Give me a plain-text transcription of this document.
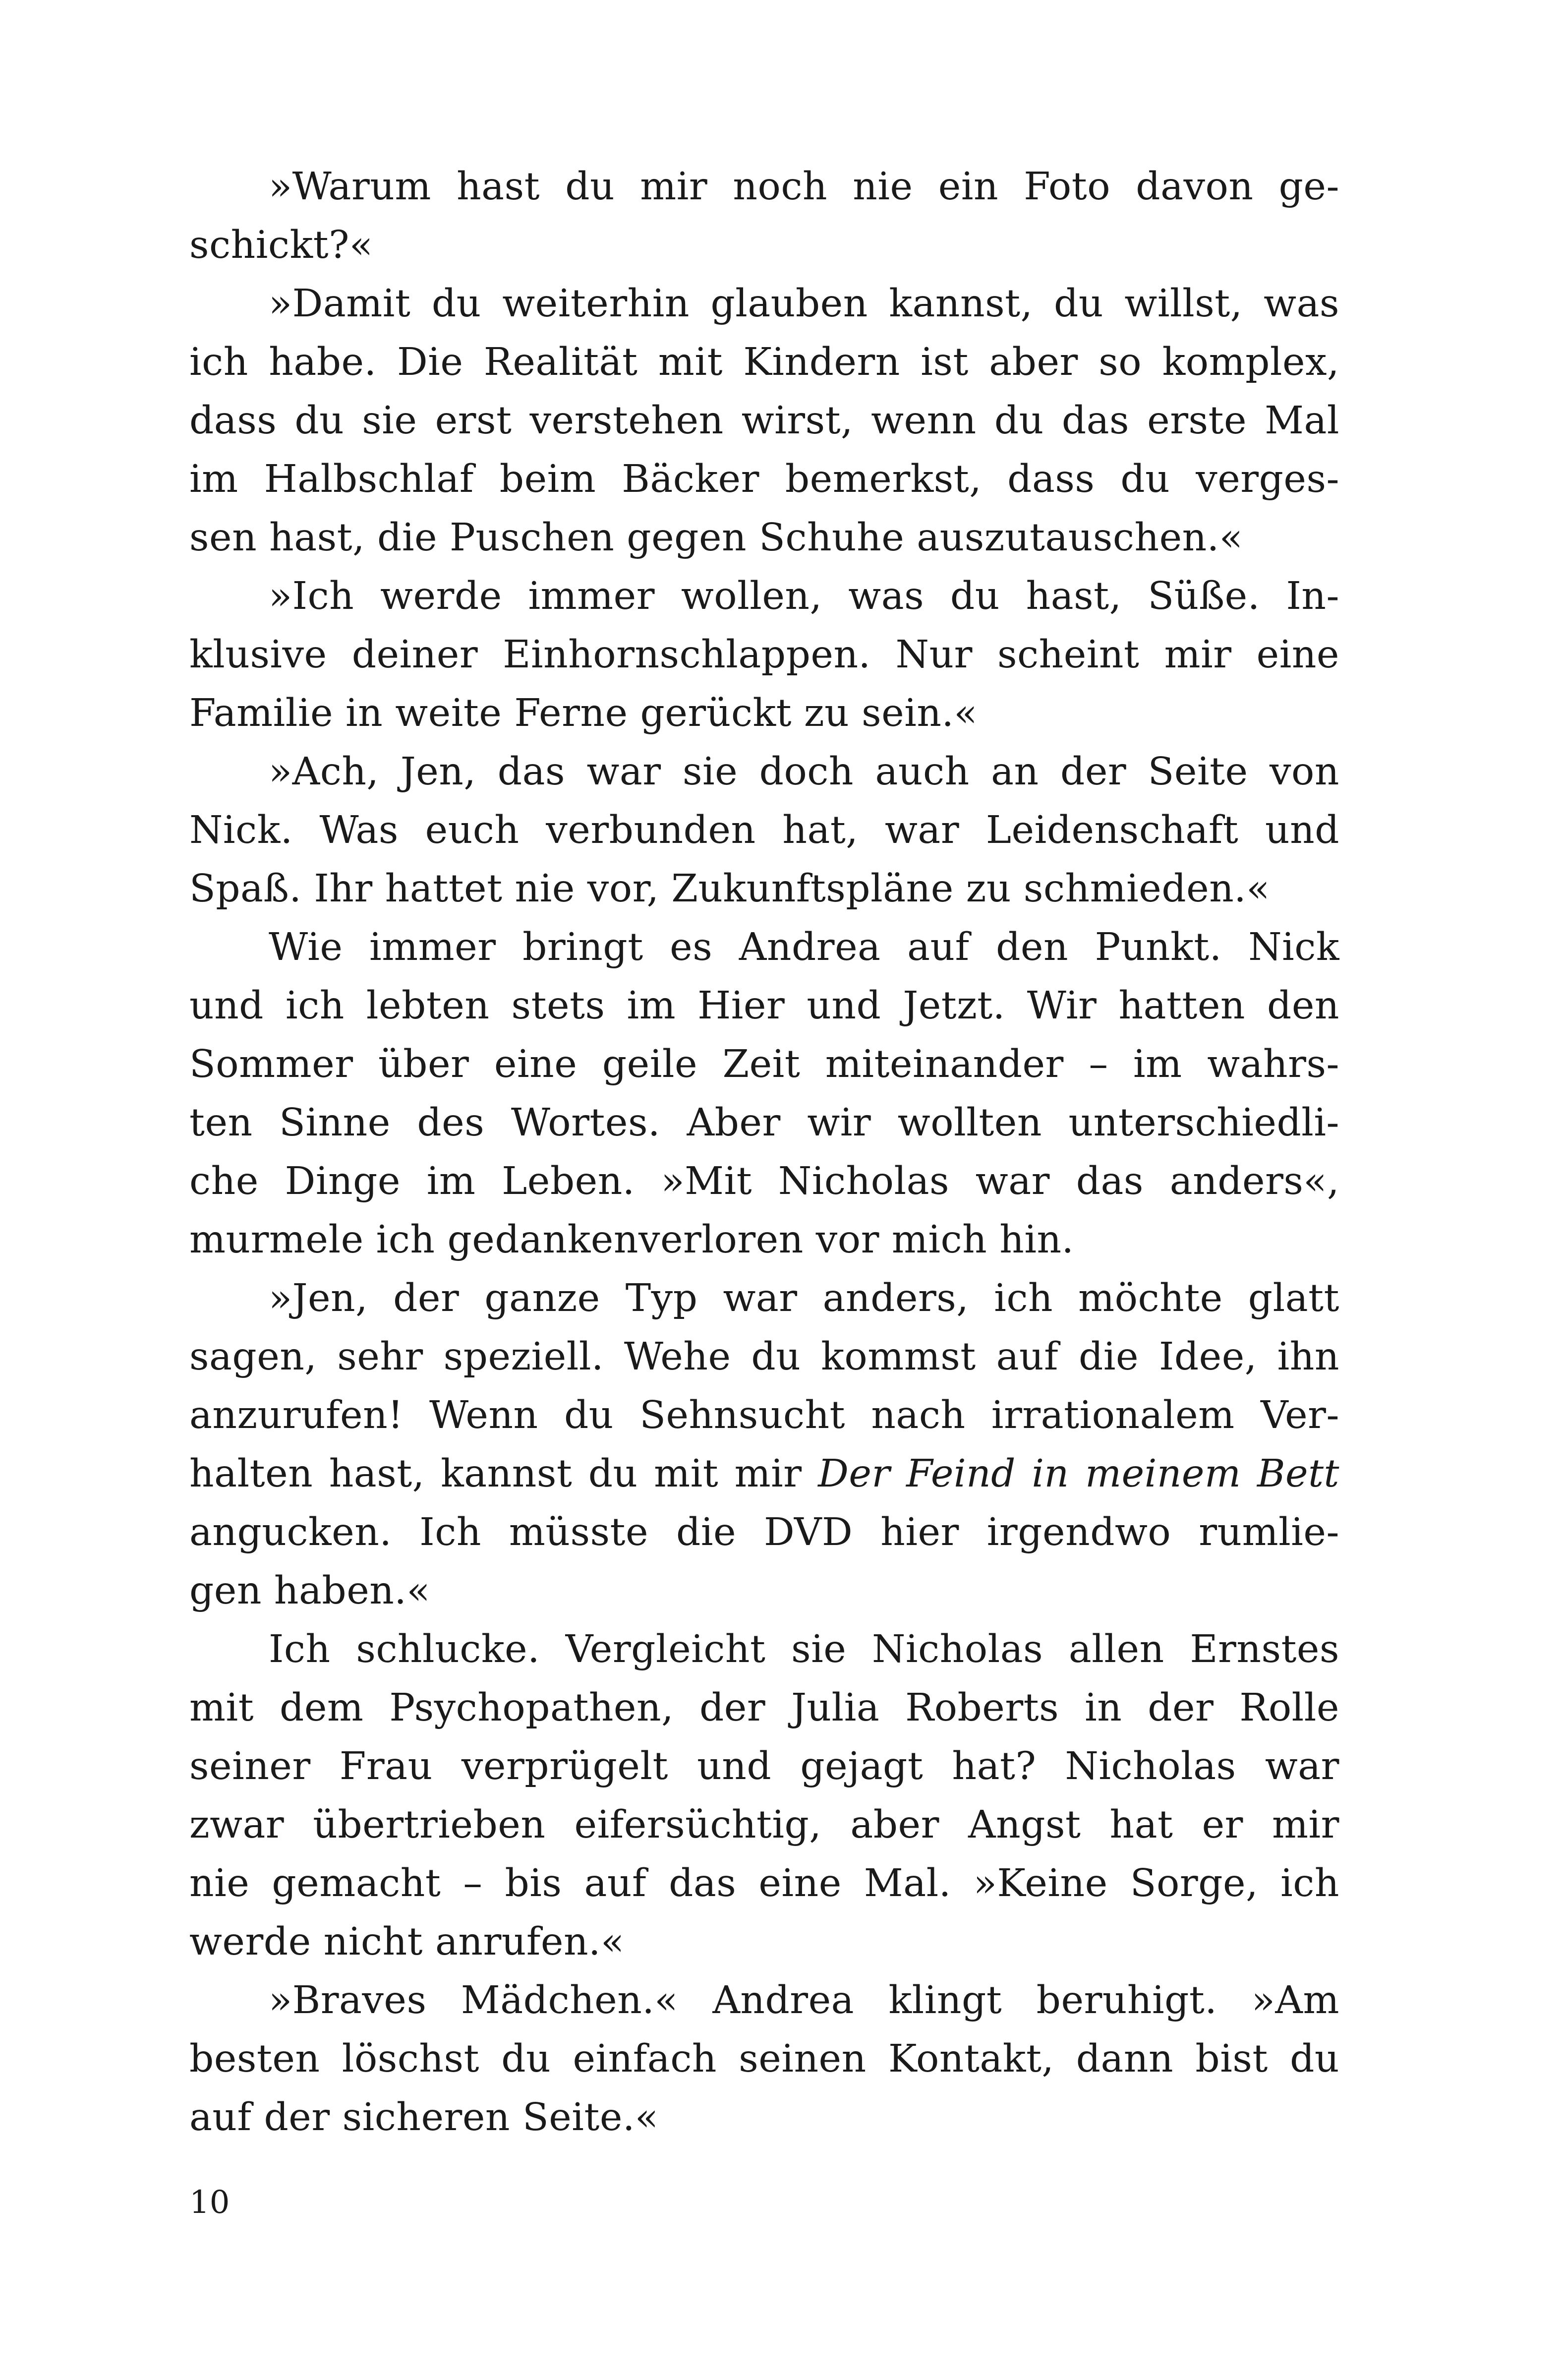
»Warum hast du mir noch nie ein Foto davon ge-
schickt?«
»Damit du weiterhin glauben kannst, du willst, was
ich habe. Die Realität mit Kindern ist aber so komplex,
dass du sie erst verstehen wirst, wenn du das erste Mal
im Halbschlaf beim Bäcker bemerkst, dass du verges-
sen hast, die Puschen gegen Schuhe auszutauschen.«
»Ich werde immer wollen, was du hast, Süße. In-
klusive deiner Einhornschlappen. Nur scheint mir eine
Familie in weite Ferne gerückt zu sein.«
»Ach, Jen, das war sie doch auch an der Seite von
Nick. Was euch verbunden hat, war Leidenschaft und
Spaß. Ihr hattet nie vor, Zukunftspläne zu schmieden.«
Wie immer bringt es Andrea auf den Punkt. Nick
und ich lebten stets im Hier und Jetzt. Wir hatten den
Sommer über eine geile Zeit miteinander – im wahrs-
ten Sinne des Wortes. Aber wir wollten unterschiedli-
che Dinge im Leben. »Mit Nicholas war das anders«,
murmele ich gedankenverloren vor mich hin.
»Jen, der ganze Typ war anders, ich möchte glatt
sagen, sehr speziell. Wehe du kommst auf die Idee, ihn
anzurufen! Wenn du Sehnsucht nach irrationalem Ver-
halten hast, kannst du mit mir Der Feind in meinem Bett
angucken. Ich müsste die DVD hier irgendwo rumlie-
gen haben.«
Ich schlucke. Vergleicht sie Nicholas allen Ernstes
mit dem Psychopathen, der Julia Roberts in der Rolle
seiner Frau verprügelt und gejagt hat? Nicholas war
zwar übertrieben eifersüchtig, aber Angst hat er mir
nie gemacht – bis auf das eine Mal. »Keine Sorge, ich
werde nicht anrufen.«
»Braves Mädchen.« Andrea klingt beruhigt. »Am
besten löschst du einfach seinen Kontakt, dann bist du
auf der sicheren Seite.«
10
